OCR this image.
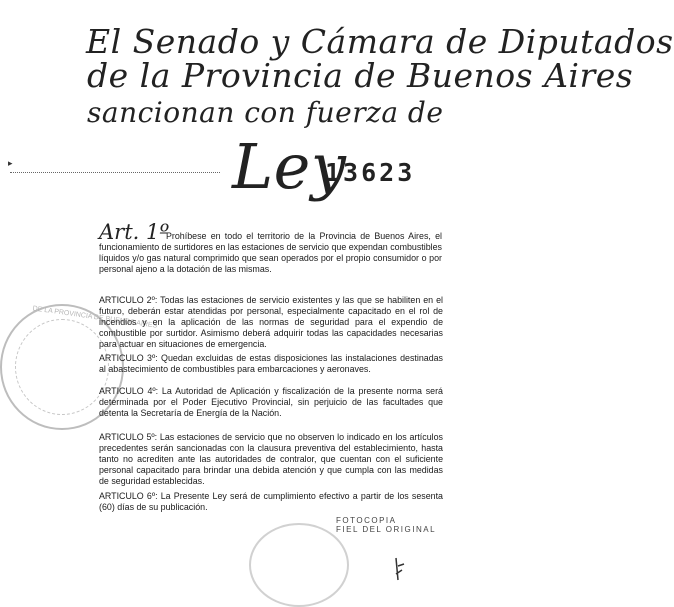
El Senado y Cámara de Diputados
de la Provincia de Buenos Aires
sancionan con fuerza de
Ley
13623
▸
DE LA PROVINCIA DE BUENOS AIRES
Art. 1º

Prohíbese en todo el territorio de la Provincia de Buenos Aires, el funcionamiento de surtidores en las estaciones de servicio que expendan combustibles líquidos y/o gas natural comprimido que sean operados por el propio consumidor o por personal ajeno a la dotación de las mismas.

ARTICULO 2º: Todas las estaciones de servicio existentes y las que se habiliten en el futuro, deberán estar atendidas por personal, especialmente capacitado en el rol de incendios y en la aplicación de las normas de seguridad para el expendio de combustible por surtidor. Asimismo deberá adquirir todas las capacidades necesarias para actuar en situaciones de emergencia.

ARTICULO 3º: Quedan excluidas de estas disposiciones las instalaciones destinadas al abastecimiento de combustibles para embarcaciones y aeronaves.

ARTICULO 4º: La Autoridad de Aplicación y fiscalización de la presente norma será determinada por el Poder Ejecutivo Provincial, sin perjuicio de las facultades que detenta la Secretaría de Energía de la Nación.

ARTICULO 5º: Las estaciones de servicio que no observen lo indicado en los artículos precedentes serán sancionadas con la clausura preventiva del establecimiento, hasta tanto no acrediten ante las autoridades de contralor, que cuentan con el suficiente personal capacitado para brindar una debida atención y que cumpla con las medidas de seguridad establecidas.

ARTICULO 6º: La Presente Ley será de cumplimiento efectivo a partir de los sesenta (60) días de su publicación.

FOTOCOPIA
FIEL DEL ORIGINAL
